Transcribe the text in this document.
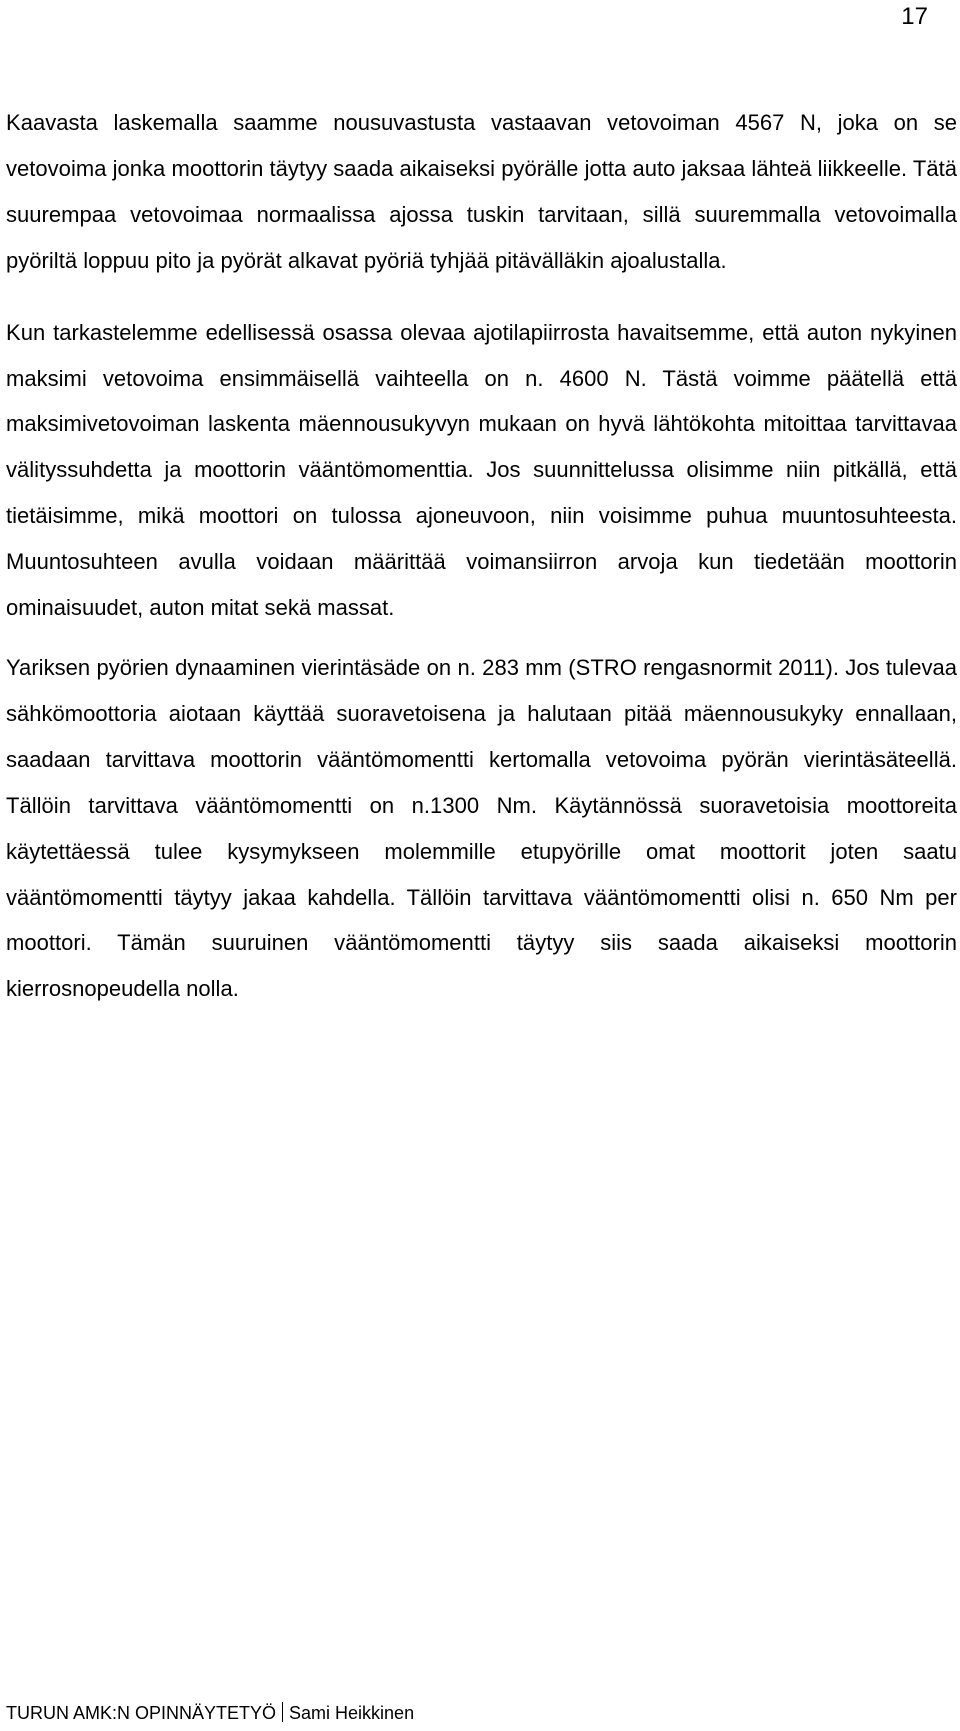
17

Kaavasta laskemalla saamme nousuvastusta vastaavan vetovoiman 4567 N, joka on se vetovoima jonka moottorin täytyy saada aikaiseksi pyörälle jotta auto jaksaa lähteä liikkeelle. Tätä suurempaa vetovoimaa normaalissa ajossa tuskin tarvitaan, sillä suuremmalla vetovoimalla pyöriltä loppuu pito ja pyörät alkavat pyöriä tyhjää pitävälläkin ajoalustalla.

Kun tarkastelemme edellisessä osassa olevaa ajotilapiirrosta havaitsemme, että auton nykyinen maksimi vetovoima ensimmäisellä vaihteella on n. 4600 N. Tästä voimme päätellä että maksimivetovoiman laskenta mäennousukyvyn mukaan on hyvä lähtökohta mitoittaa tarvittavaa välityssuhdetta ja moottorin vääntömomenttia. Jos suunnittelussa olisimme niin pitkällä, että tietäisimme, mikä moottori on tulossa ajoneuvoon, niin voisimme puhua muuntosuhteesta. Muuntosuhteen avulla voidaan määrittää voimansiirron arvoja kun tiedetään moottorin ominaisuudet, auton mitat sekä massat.

Yariksen pyörien dynaaminen vierintäsäde on n. 283 mm (STRO rengasnormit 2011). Jos tulevaa sähkömoottoria aiotaan käyttää suoravetoisena ja halutaan pitää mäennousukyky ennallaan, saadaan tarvittava moottorin vääntömomentti kertomalla vetovoima pyörän vierintäsäteellä. Tällöin tarvittava vääntömomentti on n.1300 Nm. Käytännössä suoravetoisia moottoreita käytettäessä tulee kysymykseen molemmille etupyörille omat moottorit joten saatu vääntömomentti täytyy jakaa kahdella. Tällöin tarvittava vääntömomentti olisi n. 650 Nm per moottori. Tämän suuruinen vääntömomentti täytyy siis saada aikaiseksi moottorin kierrosnopeudella nolla.

TURUN AMK:N OPINNÄYTETYÖ Sami Heikkinen
